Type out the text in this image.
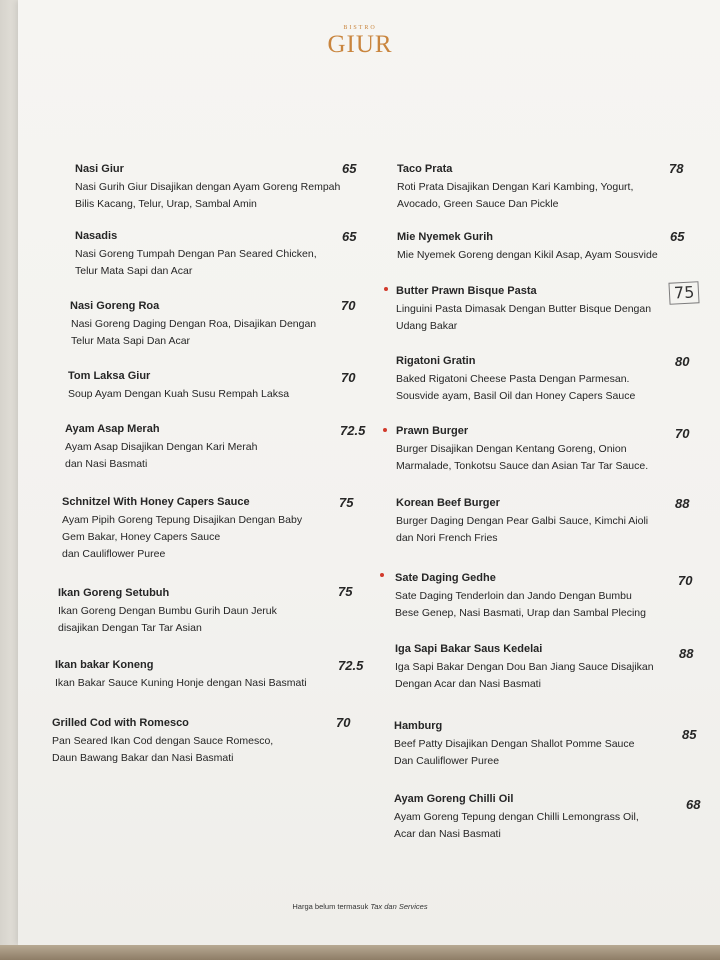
BISTRO
GIUR
Nasi Giur
Nasi Gurih Giur Disajikan dengan Ayam Goreng Rempah
Bilis Kacang, Telur, Urap, Sambal Amin
65
Nasadis
Nasi Goreng Tumpah Dengan Pan Seared Chicken,
Telur Mata Sapi dan Acar
65
Nasi Goreng Roa
Nasi Goreng Daging Dengan Roa, Disajikan Dengan
Telur Mata Sapi Dan Acar
70
Tom Laksa Giur
Soup Ayam Dengan Kuah Susu Rempah Laksa
70
Ayam Asap Merah
Ayam Asap Disajikan Dengan Kari Merah
dan Nasi Basmati
72.5
Schnitzel With Honey Capers Sauce
Ayam Pipih Goreng Tepung Disajikan Dengan Baby
Gem Bakar, Honey Capers Sauce
dan Cauliflower Puree
75
Ikan Goreng Setubuh
Ikan Goreng Dengan Bumbu Gurih Daun Jeruk
disajikan Dengan Tar Tar Asian
75
Ikan bakar Koneng
Ikan Bakar Sauce Kuning Honje dengan Nasi Basmati
72.5
Grilled Cod with Romesco
Pan Seared Ikan Cod dengan Sauce Romesco,
Daun Bawang Bakar dan Nasi Basmati
70
Taco Prata
Roti Prata Disajikan Dengan Kari Kambing, Yogurt,
Avocado, Green Sauce Dan Pickle
78
Mie Nyemek Gurih
Mie Nyemek Goreng dengan Kikil Asap, Ayam Sousvide
65
Butter Prawn Bisque Pasta
Linguini Pasta Dimasak Dengan Butter Bisque Dengan
Udang Bakar
75
Rigatoni Gratin
Baked Rigatoni Cheese Pasta Dengan Parmesan.
Sousvide ayam, Basil Oil dan Honey Capers Sauce
80
Prawn Burger
Burger Disajikan Dengan Kentang Goreng, Onion
Marmalade, Tonkotsu Sauce dan Asian Tar Tar Sauce.
70
Korean Beef Burger
Burger Daging Dengan Pear Galbi Sauce, Kimchi Aioli
dan Nori French Fries
88
Sate Daging Gedhe
Sate Daging Tenderloin dan Jando Dengan Bumbu
Bese Genep, Nasi Basmati, Urap dan Sambal Plecing
70
Iga Sapi Bakar Saus Kedelai
Iga Sapi Bakar Dengan Dou Ban Jiang Sauce Disajikan
Dengan Acar dan Nasi Basmati
88
Hamburg
Beef Patty Disajikan Dengan Shallot Pomme Sauce
Dan Cauliflower Puree
85
Ayam Goreng Chilli Oil
Ayam Goreng Tepung dengan Chilli Lemongrass Oil,
Acar dan Nasi Basmati
68
Harga belum termasuk Tax dan Services
